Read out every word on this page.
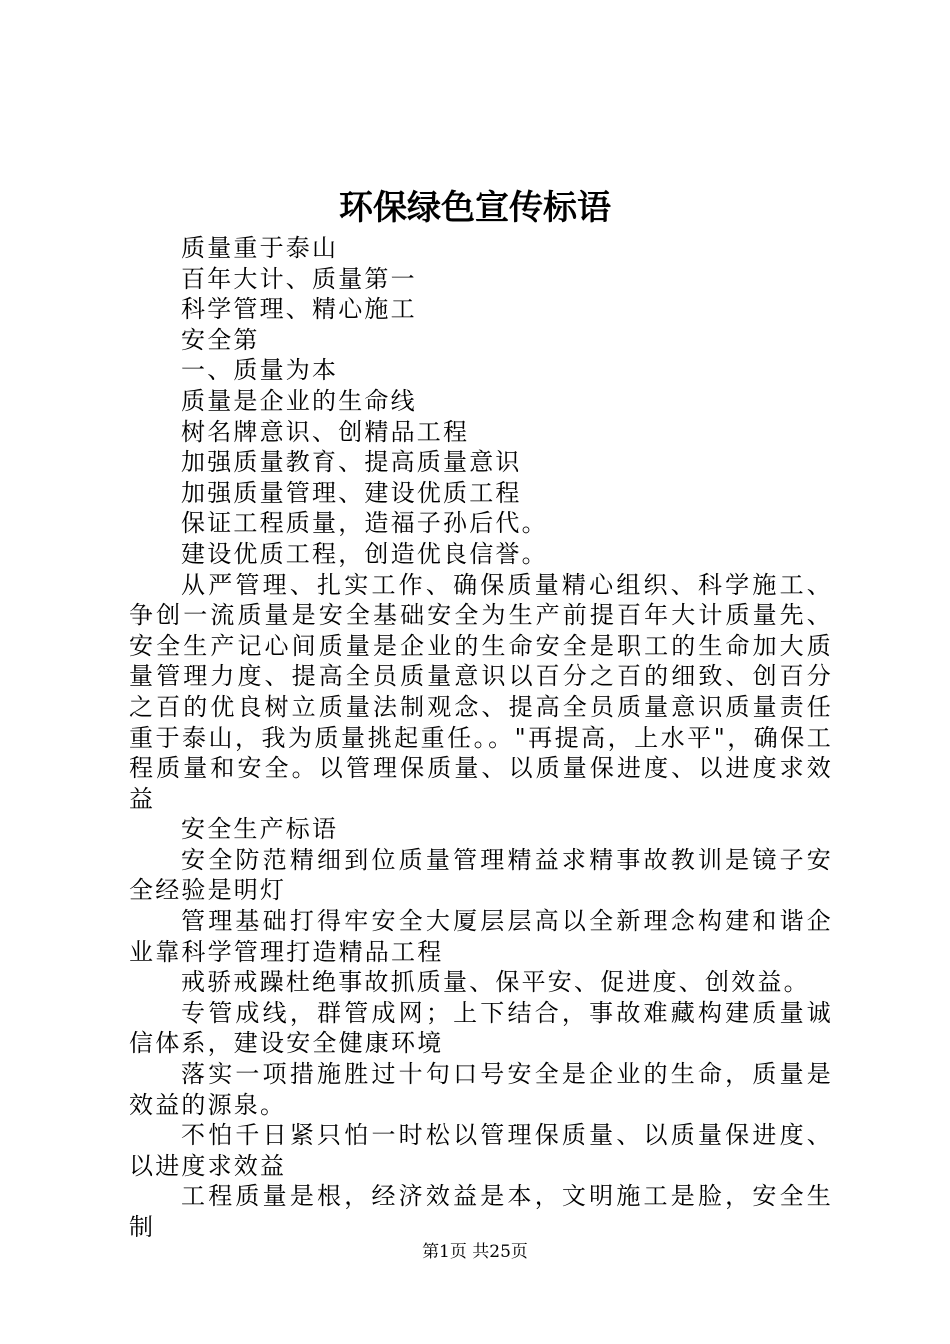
环保绿色宣传标语

质量重于泰山

百年大计、质量第一

科学管理、精心施工

安全第

一、质量为本

质量是企业的生命线

树名牌意识、创精品工程

加强质量教育、提高质量意识

加强质量管理、建设优质工程

保证工程质量，造福子孙后代。

建设优质工程，创造优良信誉。

从严管理、扎实工作、确保质量精心组织、科学施工、争创一流质量是安全基础安全为生产前提百年大计质量先、安全生产记心间质量是企业的生命安全是职工的生命加大质量管理力度、提高全员质量意识以百分之百的细致、创百分之百的优良树立质量法制观念、提高全员质量意识质量责任重于泰山，我为质量挑起重任。。"再提高，上水平"，确保工程质量和安全。以管理保质量、以质量保进度、以进度求效益

安全生产标语

安全防范精细到位质量管理精益求精事故教训是镜子安全经验是明灯

管理基础打得牢安全大厦层层高以全新理念构建和谐企业靠科学管理打造精品工程

戒骄戒躁杜绝事故抓质量、保平安、促进度、创效益。

专管成线，群管成网；上下结合，事故难藏构建质量诚信体系，建设安全健康环境

落实一项措施胜过十句口号安全是企业的生命，质量是效益的源泉。

不怕千日紧只怕一时松以管理保质量、以质量保进度、以进度求效益

工程质量是根，经济效益是本，文明施工是脸，安全生制

第1页 共25页
